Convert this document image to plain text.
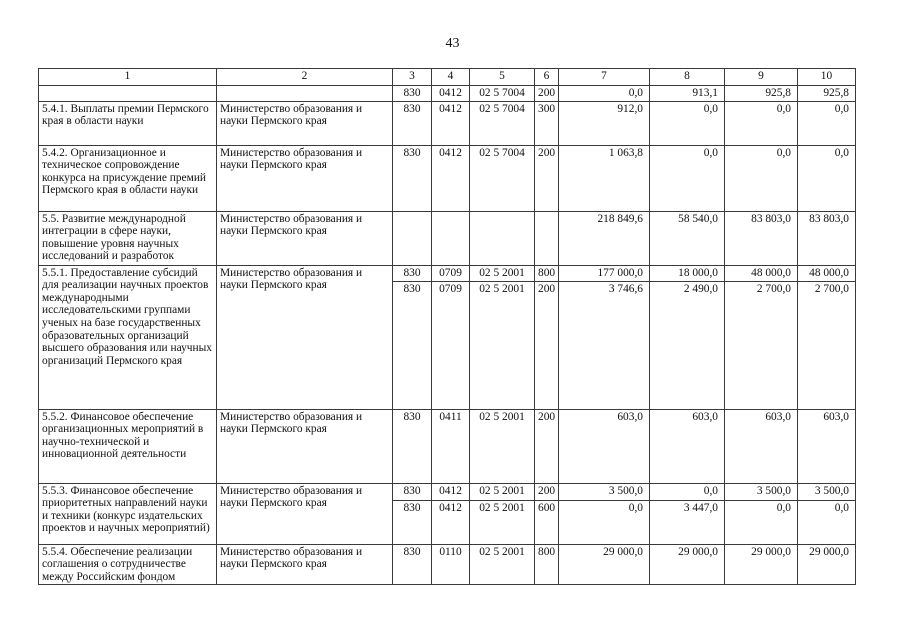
43
1	2	3	4	5	6	7	8	9	10
		830	0412	02 5 7004	200	0,0	913,1	925,8	925,8
5.4.1. Выплаты премии Пермского края в области науки	Министерство образования и науки Пермского края	830	0412	02 5 7004	300	912,0	0,0	0,0	0,0
5.4.2. Организационное и техническое сопровождение конкурса на присуждение премий Пермского края в области науки	Министерство образования и науки Пермского края	830	0412	02 5 7004	200	1 063,8	0,0	0,0	0,0
5.5. Развитие международной интеграции в сфере науки, повышение уровня научных исследований и разработок	Министерство образования и науки Пермского края					218 849,6	58 540,0	83 803,0	83 803,0
5.5.1. Предоставление субсидий для реализации научных проектов международными исследовательскими группами ученых на базе государственных образовательных организаций высшего образования или научных организаций Пермского края	Министерство образования и науки Пермского края	830	0709	02 5 2001	800	177 000,0	18 000,0	48 000,0	48 000,0
		830	0709	02 5 2001	200	3 746,6	2 490,0	2 700,0	2 700,0
5.5.2. Финансовое обеспечение организационных мероприятий в научно-технической и инновационной деятельности	Министерство образования и науки Пермского края	830	0411	02 5 2001	200	603,0	603,0	603,0	603,0
5.5.3. Финансовое обеспечение приоритетных направлений науки и техники (конкурс издательских проектов и научных мероприятий)	Министерство образования и науки Пермского края	830	0412	02 5 2001	200	3 500,0	0,0	3 500,0	3 500,0
		830	0412	02 5 2001	600	0,0	3 447,0	0,0	0,0
5.5.4. Обеспечение реализации соглашения о сотрудничестве между Российским фондом	Министерство образования и науки Пермского края	830	0110	02 5 2001	800	29 000,0	29 000,0	29 000,0	29 000,0
